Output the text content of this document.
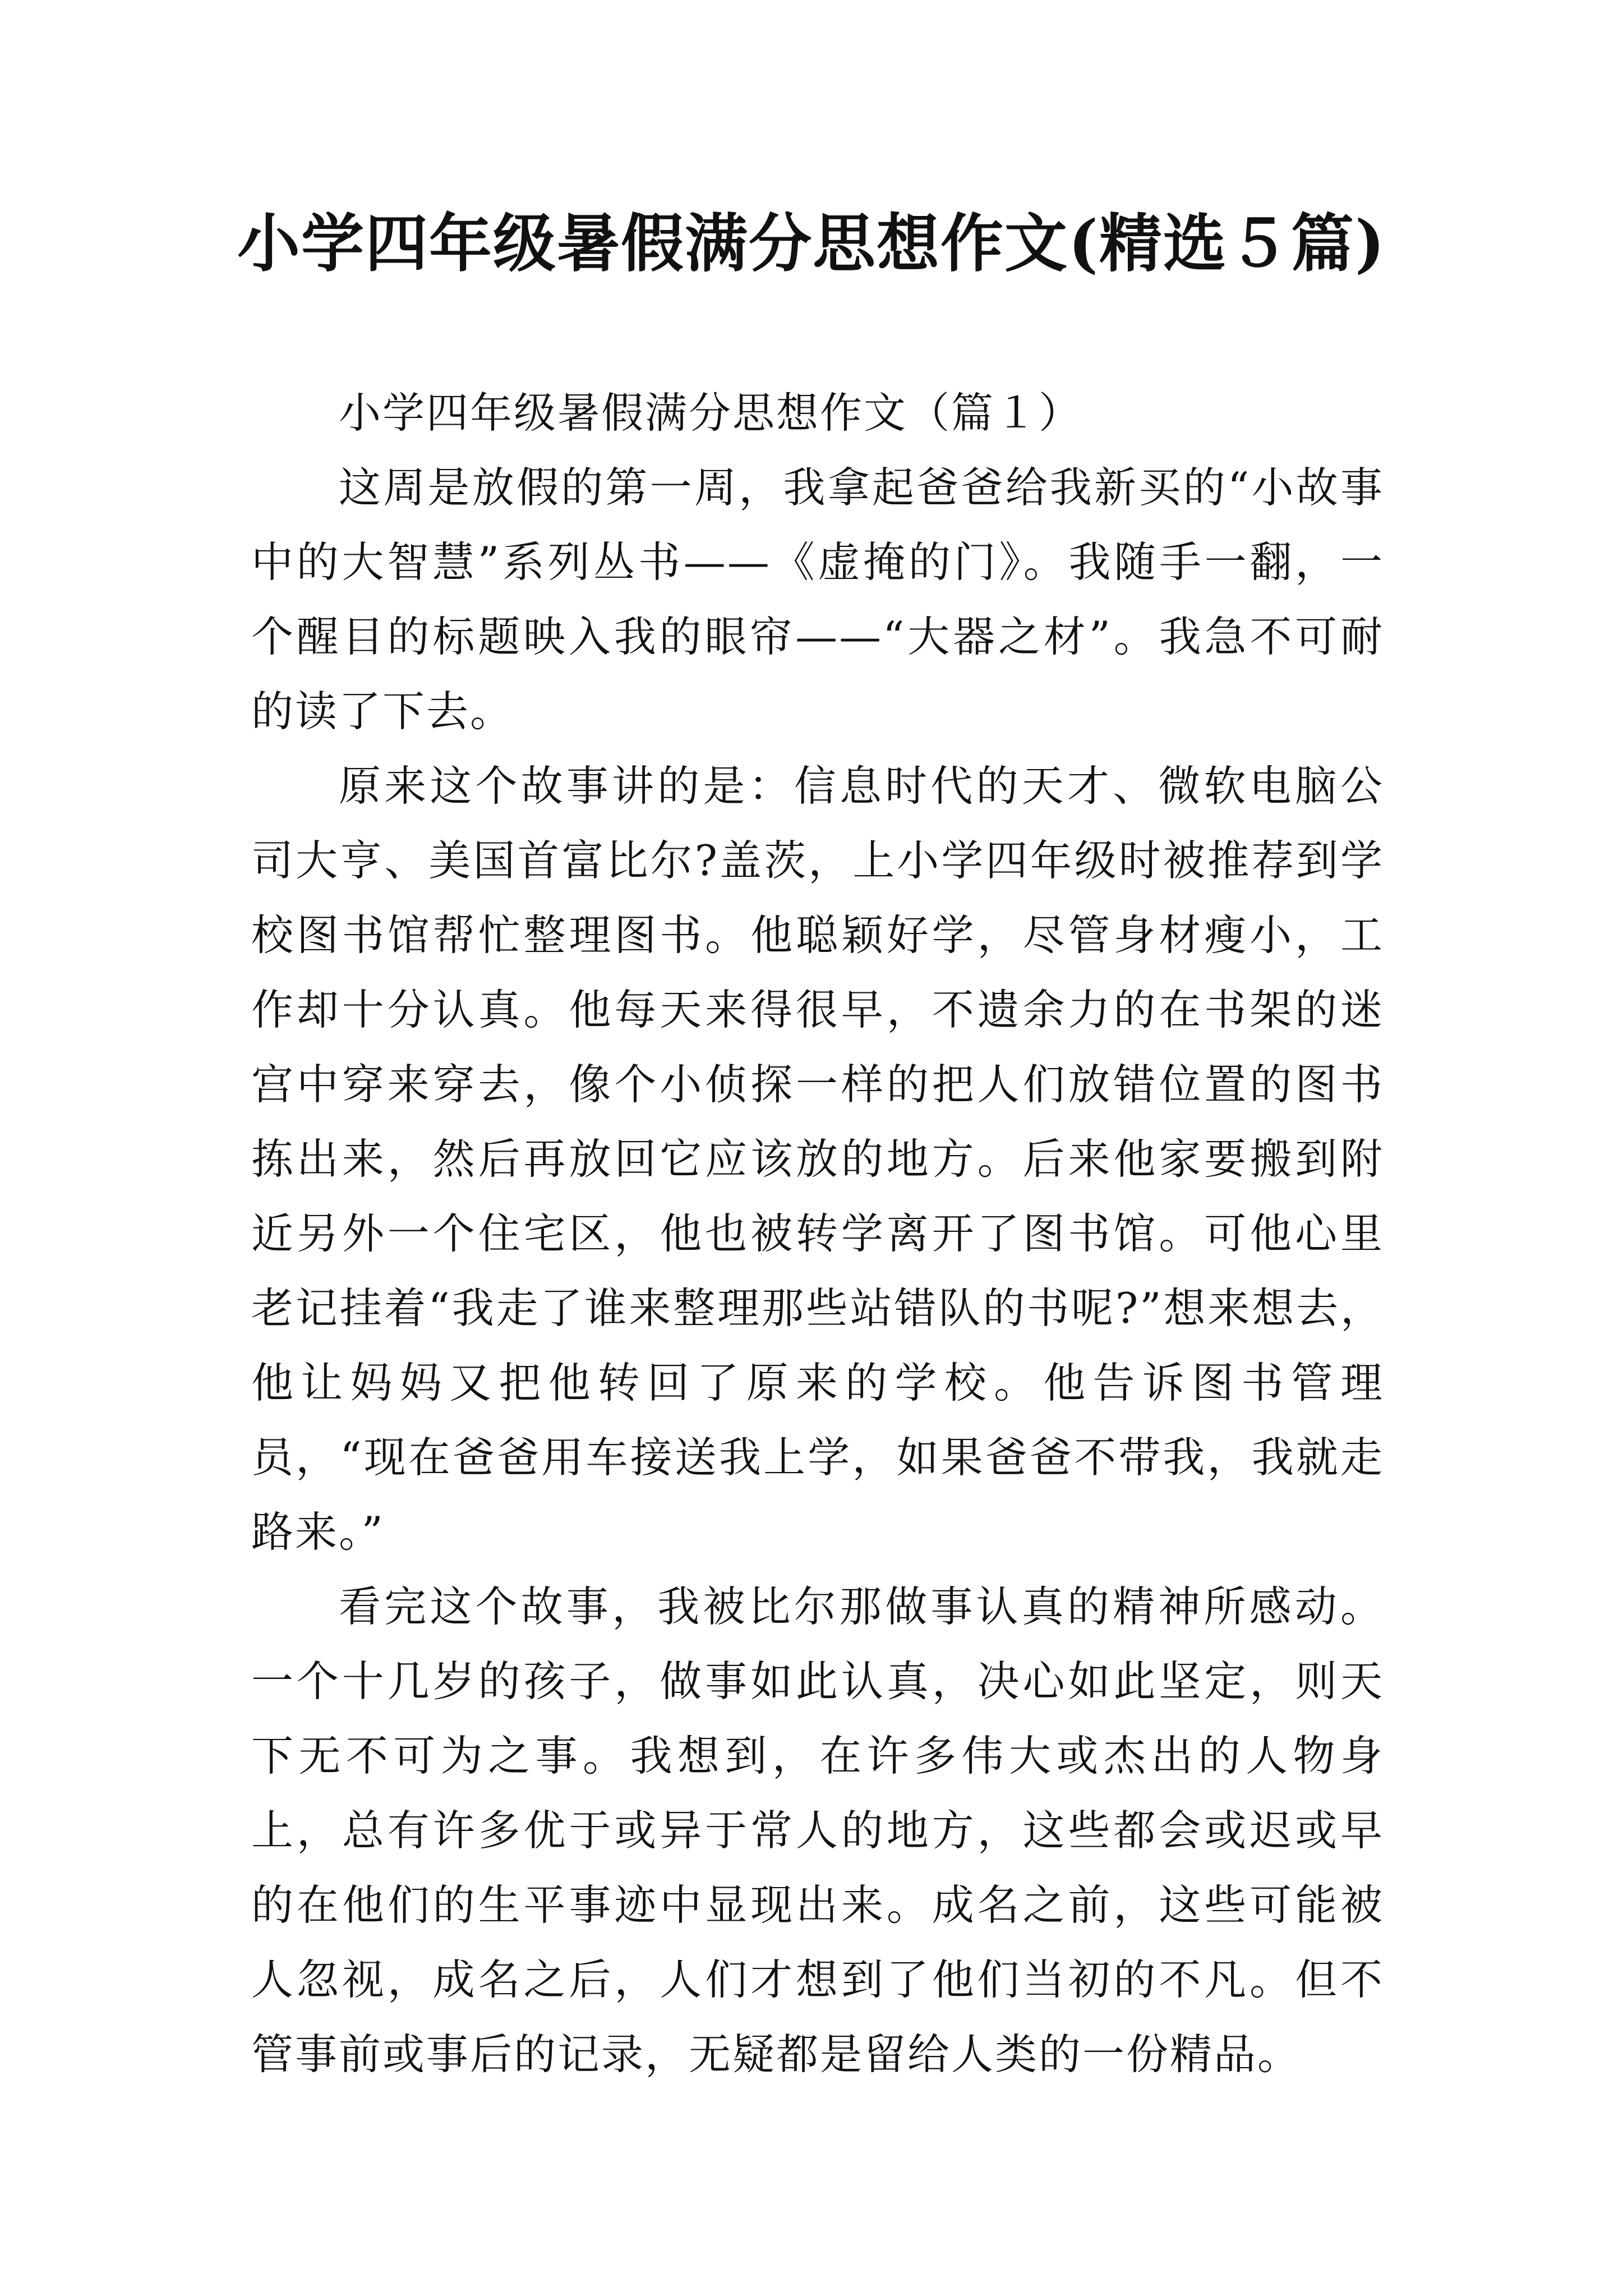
小学四年级暑假满分思想作文(精选５篇)

小学四年级暑假满分思想作文（篇１）

这周是放假的第一周，我拿起爸爸给我新买的“小故事中的大智慧”系列丛书——《虚掩的门》。我随手一翻，一个醒目的标题映入我的眼帘——“大器之材”。我急不可耐的读了下去。

原来这个故事讲的是：信息时代的天才、微软电脑公司大亨、美国首富比尔?盖茨，上小学四年级时被推荐到学校图书馆帮忙整理图书。他聪颖好学，尽管身材瘦小，工作却十分认真。他每天来得很早，不遗余力的在书架的迷宫中穿来穿去，像个小侦探一样的把人们放错位置的图书拣出来，然后再放回它应该放的地方。后来他家要搬到附近另外一个住宅区，他也被转学离开了图书馆。可他心里老记挂着“我走了谁来整理那些站错队的书呢?”想来想去，他让妈妈又把他转回了原来的学校。他告诉图书管理员，“现在爸爸用车接送我上学，如果爸爸不带我，我就走路来。”

看完这个故事，我被比尔那做事认真的精神所感动。一个十几岁的孩子，做事如此认真，决心如此坚定，则天下无不可为之事。我想到，在许多伟大或杰出的人物身上，总有许多优于或异于常人的地方，这些都会或迟或早的在他们的生平事迹中显现出来。成名之前，这些可能被人忽视，成名之后，人们才想到了他们当初的不凡。但不管事前或事后的记录，无疑都是留给人类的一份精品。
